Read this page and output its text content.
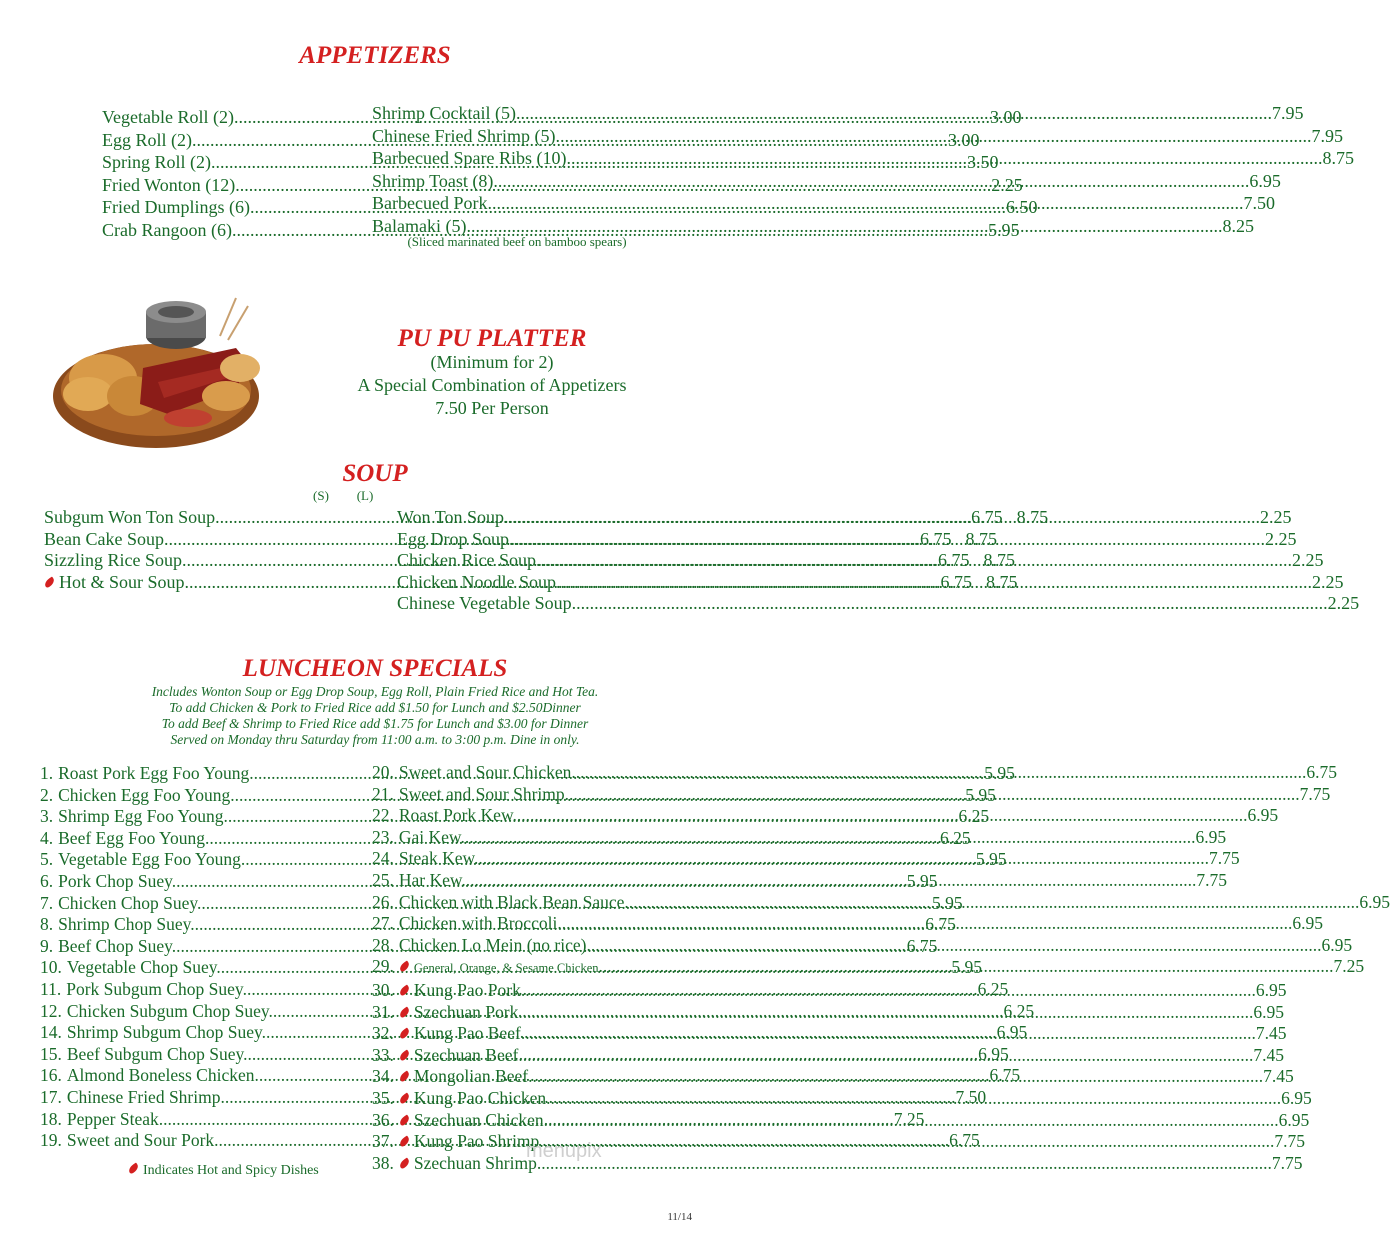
APPETIZERS
Vegetable Roll (2) .....	3.00
Egg Roll (2) .....	3.00
Spring Roll (2) .....	3.50
Fried Wonton (12) .....	2.25
Fried Dumplings (6) .....	6.50
Crab Rangoon (6) .....	5.95
Shrimp Cocktail (5) .....	7.95
Chinese Fried Shrimp (5) .....	7.95
Barbecued Spare Ribs (10) .....	8.75
Shrimp Toast (8) .....	6.95
Barbecued Pork .....	7.50
Balamaki (5) .....	8.25
(Sliced marinated beef on bamboo spears)
PU PU PLATTER
(Minimum for 2)
A Special Combination of Appetizers
7.50 Per Person
SOUP
(S)	(L)
Subgum Won Ton Soup .....	6.75 8.75
Bean Cake Soup .....	6.75 8.75
Sizzling Rice Soup .....	6.75 8.75
Hot & Sour Soup .....	6.75 8.75
Won Ton Soup .....	2.25
Egg Drop Soup .....	2.25
Chicken Rice Soup .....	2.25
Chicken Noodle Soup .....	2.25
Chinese Vegetable Soup .....	2.25
LUNCHEON SPECIALS
Includes Wonton Soup or Egg Drop Soup, Egg Roll, Plain Fried Rice and Hot Tea.
To add Chicken & Pork to Fried Rice add $1.50 for Lunch and $2.50Dinner
To add Beef & Shrimp to Fried Rice add $1.75 for Lunch and $3.00 for Dinner
Served on Monday thru Saturday from 11:00 a.m. to 3:00 p.m. Dine in only.
1. Roast Pork Egg Foo Young .....	5.95
2. Chicken Egg Foo Young .....	5.95
3. Shrimp Egg Foo Young .....	6.25
4. Beef Egg Foo Young .....	6.25
5. Vegetable Egg Foo Young .....	5.95
6. Pork Chop Suey .....	5.95
7. Chicken Chop Suey .....	5.95
8. Shrimp Chop Suey .....	6.75
9. Beef Chop Suey .....	6.75
10. Vegetable Chop Suey .....	5.95
11. Pork Subgum Chop Suey .....	6.25
12. Chicken Subgum Chop Suey .....	6.25
14. Shrimp Subgum Chop Suey .....	6.95
15. Beef Subgum Chop Suey .....	6.95
16. Almond Boneless Chicken .....	6.75
17. Chinese Fried Shrimp .....	7.50
18. Pepper Steak .....	7.25
19. Sweet and Sour Pork .....	6.75
20. Sweet and Sour Chicken .....	6.75
21. Sweet and Sour Shrimp .....	7.75
22. Roast Pork Kew .....	6.95
23. Gai Kew .....	6.95
24. Steak Kew .....	7.75
25. Har Kew .....	7.75
26. Chicken with Black Bean Sauce .....	6.95
27. Chicken with Broccoli .....	6.95
28. Chicken Lo Mein (no rice) .....	6.95
29. General, Orange, & Sesame Chicken .....	7.25
30. Kung Pao Pork .....	6.95
31. Szechuan Pork .....	6.95
32. Kung Pao Beef .....	7.45
33. Szechuan Beef .....	7.45
34. Mongolian Beef .....	7.45
35. Kung Pao Chicken .....	6.95
36. Szechuan Chicken .....	6.95
37. Kung Pao Shrimp .....	7.75
38. Szechuan Shrimp .....	7.75
Indicates Hot and Spicy Dishes
menupix
11/14
